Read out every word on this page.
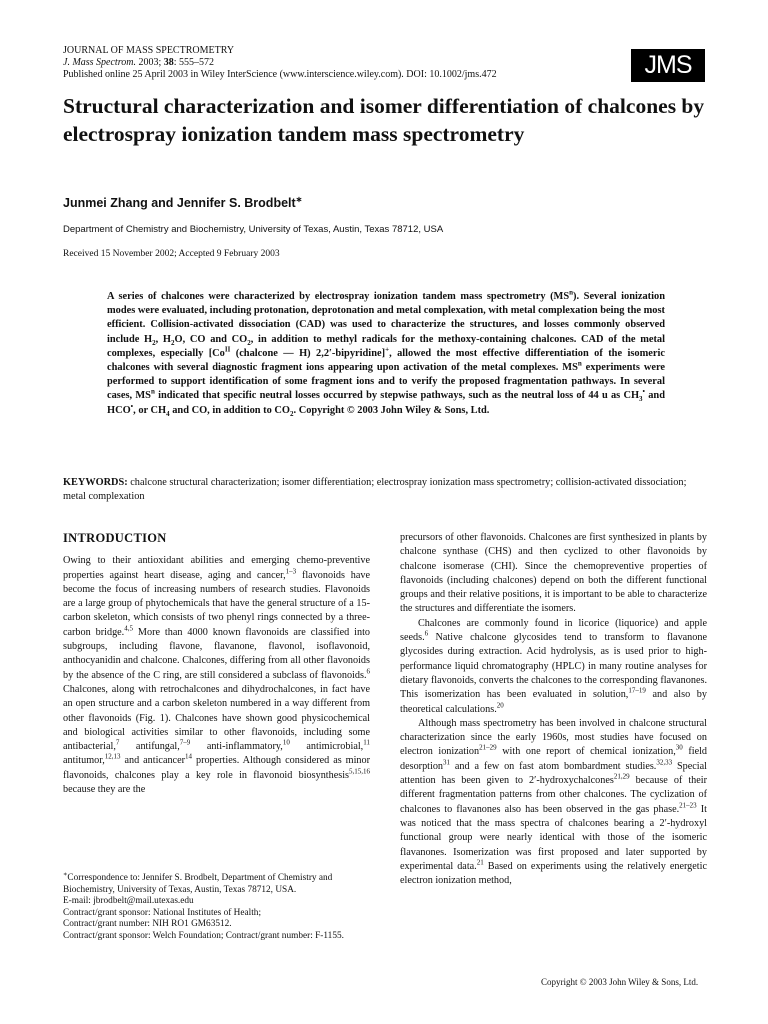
JOURNAL OF MASS SPECTROMETRY
J. Mass Spectrom. 2003; 38: 555–572
Published online 25 April 2003 in Wiley InterScience (www.interscience.wiley.com). DOI: 10.1002/jms.472	JMS
Structural characterization and isomer differentiation of chalcones by electrospray ionization tandem mass spectrometry
Junmei Zhang and Jennifer S. Brodbelt∗
Department of Chemistry and Biochemistry, University of Texas, Austin, Texas 78712, USA
Received 15 November 2002; Accepted 9 February 2003

A series of chalcones were characterized by electrospray ionization tandem mass spectrometry $(MS^n)$. Several ionization modes were evaluated, including protonation, deprotonation and metal complexation, with metal complexation being the most efficient. Collision-activated dissociation (CAD) was used to characterize the structures, and losses commonly observed include $H_2$, $H_2O$, CO and $CO_2$, in addition to methyl radicals for the methoxy-containing chalcones. CAD of the metal complexes, especially [$Co^{II}$ (chalcone — H) 2,2′-bipyridine]+, allowed the most effective differentiation of the isomeric chalcones with several diagnostic fragment ions appearing upon activation of the metal complexes. $MS^n$ experiments were performed to support identification of some fragment ions and to verify the proposed fragmentation pathways. In several cases, $MS^n$ indicated that specific neutral losses occurred by stepwise pathways, such as the neutral loss of 44 u as $CH_3^•$ and HCO•, or $CH_4$ and CO, in addition to $CO_2$. Copyright © 2003 John Wiley & Sons, Ltd.

KEYWORDS: chalcone structural characterization; isomer differentiation; electrospray ionization mass spectrometry; collision-activated dissociation; metal complexation
INTRODUCTION

Owing to their antioxidant abilities and emerging chemo-preventive properties against heart disease, aging and cancer,$^{1-3}$ flavonoids have become the focus of increasing numbers of research studies. Flavonoids are a large group of phytochemicals that have the general structure of a 15-carbon skeleton, which consists of two phenyl rings connected by a three-carbon bridge.$^{4,5}$ More than 4000 known flavonoids are classified into subgroups, including flavone, flavanone, flavonol, isoflavonoid, anthocyanidin and chalcone. Chalcones, differing from all other flavonoids by the absence of the C ring, are still considered a subclass of flavonoids.$^6$ Chalcones, along with retrochalcones and dihydrochalcones, in fact have an open structure and a carbon skeleton numbered in a way different from other flavonoids (Fig. 1). Chalcones have shown good physicochemical and biological activities similar to other flavonoids, including some antibacterial,$^7$ antifungal,$^{7-9}$ anti-inflammatory,$^{10}$ antimicrobial,$^{11}$ antitumor,$^{12,13}$ and anticancer$^{14}$ properties. Although considered as minor flavonoids, chalcones play a key role in flavonoid biosynthesis$^{5,15,16}$ because they are the

∗Correspondence to: Jennifer S. Brodbelt, Department of Chemistry and Biochemistry, University of Texas, Austin, Texas 78712, USA.
E-mail: jbrodbelt@mail.utexas.edu
Contract/grant sponsor: National Institutes of Health;
Contract/grant number: NIH RO1 GM63512.
Contract/grant sponsor: Welch Foundation; Contract/grant number: F-1155.

precursors of other flavonoids. Chalcones are first synthesized in plants by chalcone synthase (CHS) and then cyclized to other flavonoids by chalcone isomerase (CHI). Since the chemopreventive properties of flavonoids (including chalcones) depend on both the different functional groups and their relative positions, it is important to be able to characterize the structures and differentiate the isomers.

Chalcones are commonly found in licorice (liquorice) and apple seeds.$^6$ Native chalcone glycosides tend to transform to flavanone glycosides during extraction. Acid hydrolysis, as is used prior to high-performance liquid chromatography (HPLC) in many routine analyses for dietary flavonoids, converts the chalcones to the corresponding flavanones. This isomerization has been evaluated in solution,$^{17-19}$ and also by theoretical calculations.$^{20}$

Although mass spectrometry has been involved in chalcone structural characterization since the early 1960s, most studies have focused on electron ionization$^{21-29}$ with one report of chemical ionization,$^{30}$ field desorption$^{31}$ and a few on fast atom bombardment studies.$^{32,33}$ Special attention has been given to 2′-hydroxychalcones$^{21,29}$ because of their different fragmentation patterns from other chalcones. The cyclization of chalcones to flavanones also has been observed in the gas phase.$^{21-23}$ It was noticed that the mass spectra of chalcones bearing a 2′-hydroxyl functional group were nearly identical with those of the isomeric flavanones. Isomerization was first proposed and later supported by experimental data.$^{21}$ Based on experiments using the relatively energetic electron ionization method,

Copyright © 2003 John Wiley & Sons, Ltd.
